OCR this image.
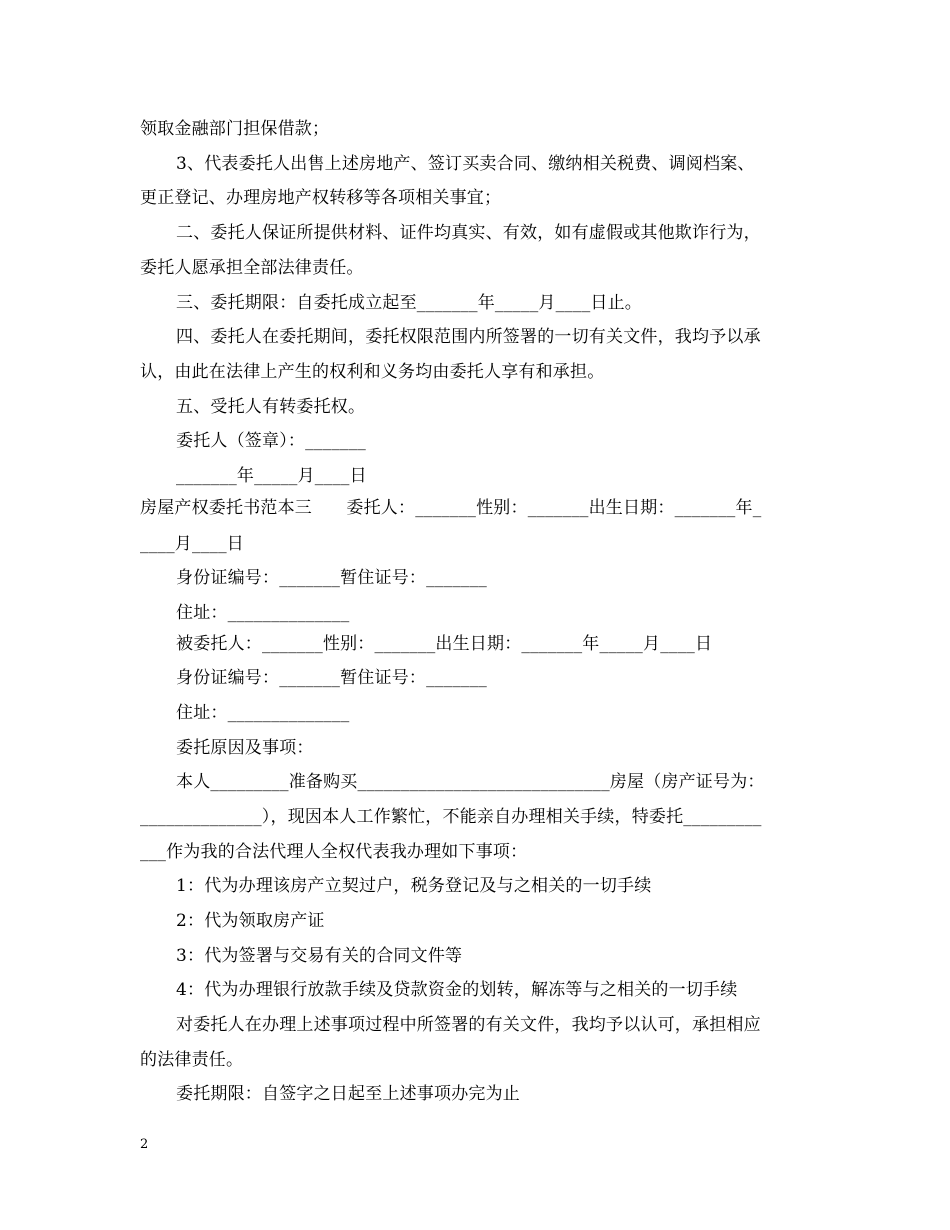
领取金融部门担保借款；
3、代表委托人出售上述房地产、签订买卖合同、缴纳相关税费、调阅档案、
更正登记、办理房地产权转移等各项相关事宜；
二、委托人保证所提供材料、证件均真实、有效，如有虚假或其他欺诈行为，
委托人愿承担全部法律责任。
三、委托期限：自委托成立起至_______年_____月____日止。
四、委托人在委托期间，委托权限范围内所签署的一切有关文件，我均予以承
认，由此在法律上产生的权利和义务均由委托人享有和承担。
五、受托人有转委托权。
委托人（签章）：_______
_______年_____月____日
房屋产权委托书范本三　　委托人：_______性别：_______出生日期：_______年_
____月____日
身份证编号：_______暂住证号：_______
住址：______________
被委托人：_______性别：_______出生日期：_______年_____月____日
身份证编号：_______暂住证号：_______
住址：______________
委托原因及事项：
本人_________准备购买_____________________________房屋（房产证号为：
______________），现因本人工作繁忙，不能亲自办理相关手续，特委托_________
___作为我的合法代理人全权代表我办理如下事项：
1：代为办理该房产立契过户，税务登记及与之相关的一切手续
2：代为领取房产证
3：代为签署与交易有关的合同文件等
4：代为办理银行放款手续及贷款资金的划转，解冻等与之相关的一切手续
对委托人在办理上述事项过程中所签署的有关文件，我均予以认可，承担相应
的法律责任。
委托期限：自签字之日起至上述事项办完为止
2
